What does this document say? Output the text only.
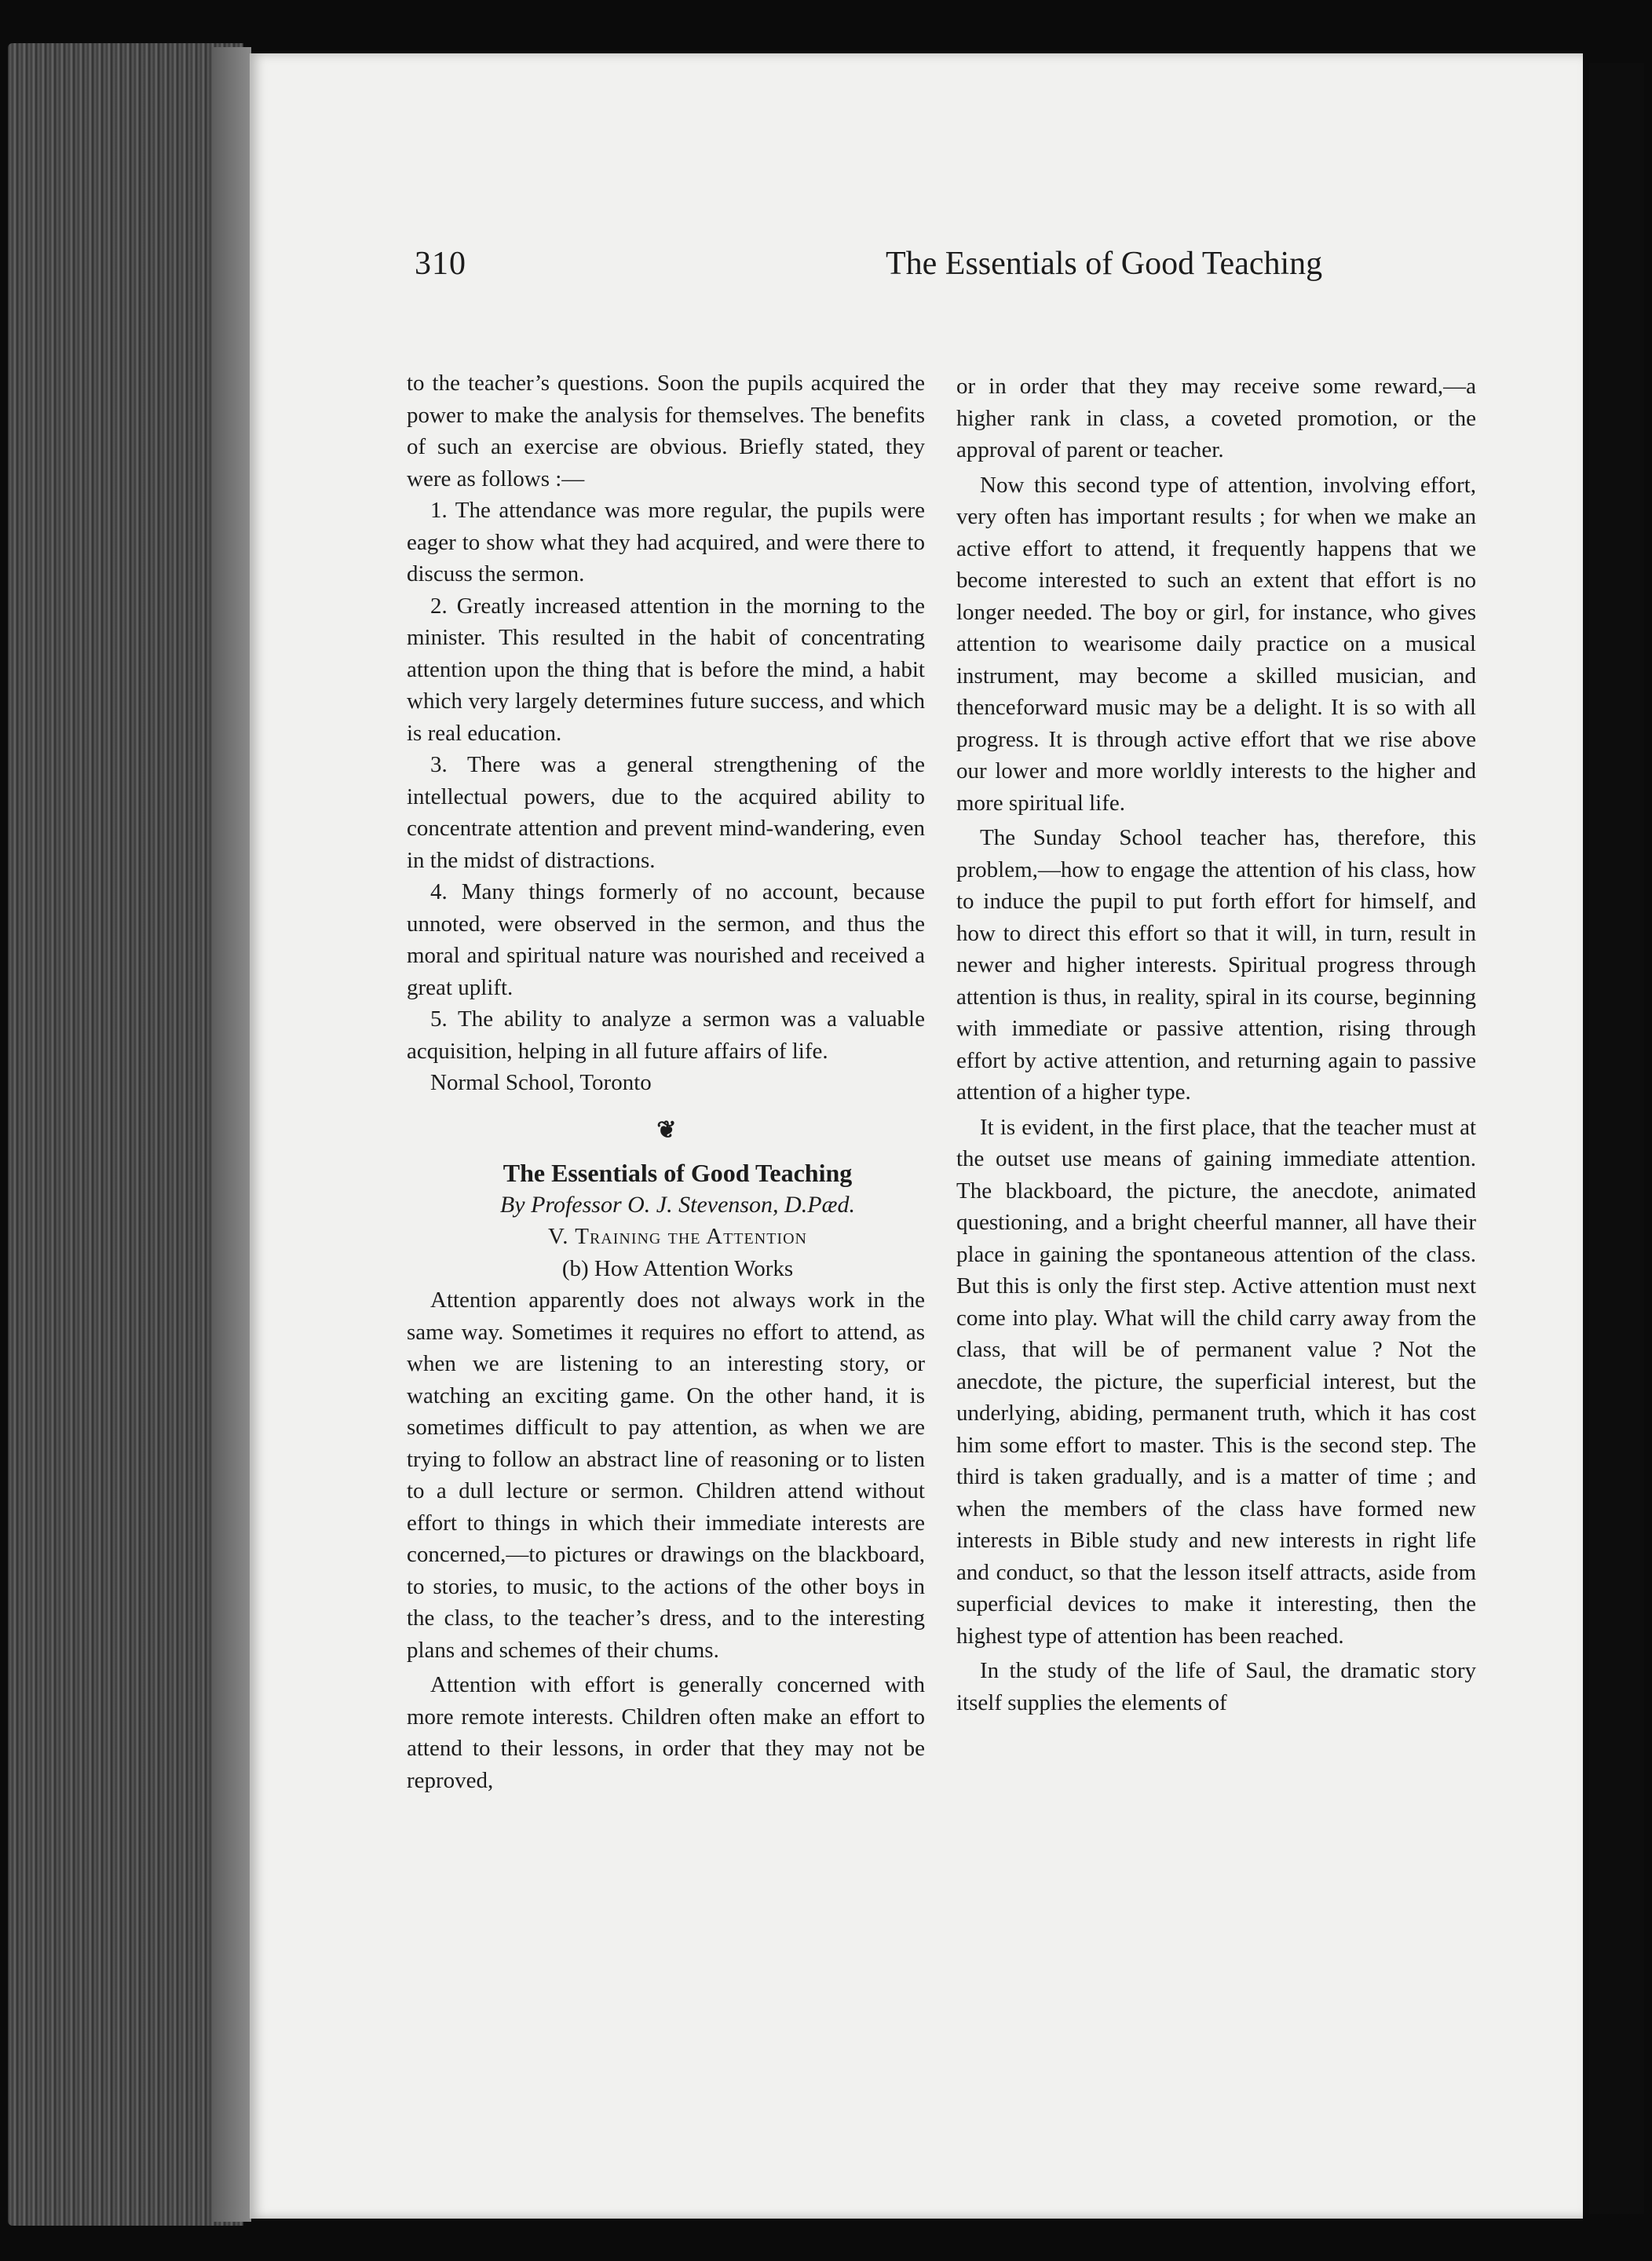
310	The Essentials of Good Teaching

to the teacher’s questions. Soon the pupils acquired the power to make the analysis for themselves. The benefits of such an exercise are obvious. Briefly stated, they were as follows :—

1. The attendance was more regular, the pupils were eager to show what they had acquired, and were there to discuss the sermon.

2. Greatly increased attention in the morning to the minister. This resulted in the habit of concentrating attention upon the thing that is before the mind, a habit which very largely determines future success, and which is real education.

3. There was a general strengthening of the intellectual powers, due to the acquired ability to concentrate attention and prevent mind-wandering, even in the midst of distractions.

4. Many things formerly of no account, because unnoted, were observed in the sermon, and thus the moral and spiritual nature was nourished and received a great uplift.

5. The ability to analyze a sermon was a valuable acquisition, helping in all future affairs of life.

Normal School, Toronto

❦

The Essentials of Good Teaching

By Professor O. J. Stevenson, D.Pæd.

V. Training the Attention

(b) How Attention Works

Attention apparently does not always work in the same way. Sometimes it requires no effort to attend, as when we are listening to an interesting story, or watching an exciting game. On the other hand, it is sometimes difficult to pay attention, as when we are trying to follow an abstract line of reasoning or to listen to a dull lecture or sermon. Children attend without effort to things in which their immediate interests are concerned,—to pictures or drawings on the blackboard, to stories, to music, to the actions of the other boys in the class, to the teacher’s dress, and to the interesting plans and schemes of their chums.

Attention with effort is generally concerned with more remote interests. Children often make an effort to attend to their lessons, in order that they may not be reproved,

or in order that they may receive some reward,—a higher rank in class, a coveted promotion, or the approval of parent or teacher.

Now this second type of attention, involving effort, very often has important results ; for when we make an active effort to attend, it frequently happens that we become interested to such an extent that effort is no longer needed. The boy or girl, for instance, who gives attention to wearisome daily practice on a musical instrument, may become a skilled musician, and thenceforward music may be a delight. It is so with all progress. It is through active effort that we rise above our lower and more worldly interests to the higher and more spiritual life.

The Sunday School teacher has, therefore, this problem,—how to engage the attention of his class, how to induce the pupil to put forth effort for himself, and how to direct this effort so that it will, in turn, result in newer and higher interests. Spiritual progress through attention is thus, in reality, spiral in its course, beginning with immediate or passive attention, rising through effort by active attention, and returning again to passive attention of a higher type.

It is evident, in the first place, that the teacher must at the outset use means of gaining immediate attention. The blackboard, the picture, the anecdote, animated questioning, and a bright cheerful manner, all have their place in gaining the spontaneous attention of the class. But this is only the first step. Active attention must next come into play. What will the child carry away from the class, that will be of permanent value ? Not the anecdote, the picture, the superficial interest, but the underlying, abiding, permanent truth, which it has cost him some effort to master. This is the second step. The third is taken gradually, and is a matter of time ; and when the members of the class have formed new interests in Bible study and new interests in right life and conduct, so that the lesson itself attracts, aside from superficial devices to make it interesting, then the highest type of attention has been reached.

In the study of the life of Saul, the dramatic story itself supplies the elements of
